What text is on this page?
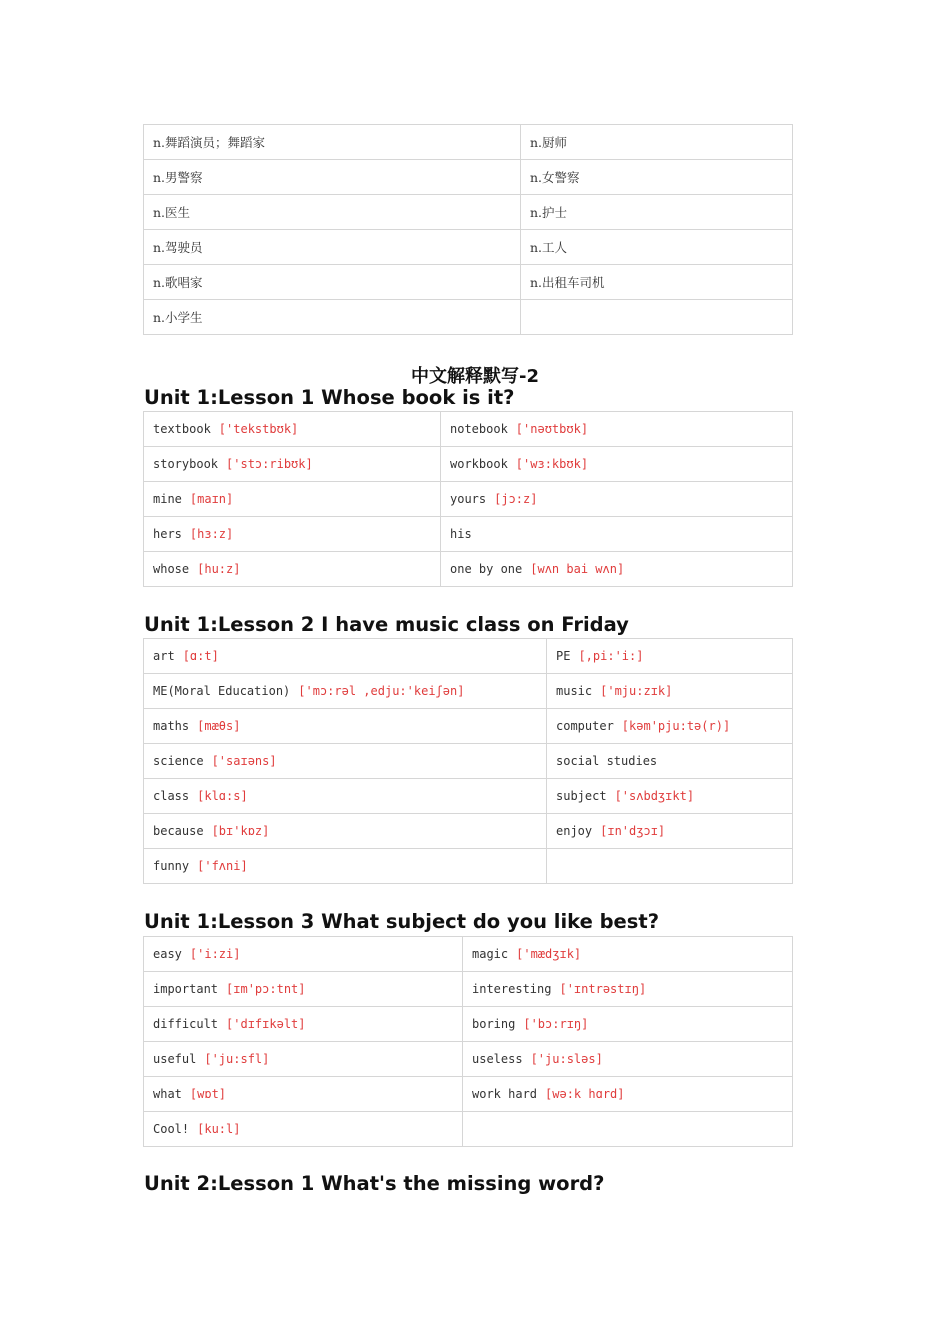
n.舞蹈演员；舞蹈家	n.厨师
n.男警察	n.女警察
n.医生	n.护士
n.驾驶员	n.工人
n.歌唱家	n.出租车司机
n.小学生	
中文解释默写-2
Unit 1:Lesson 1 Whose book is it?
textbook ['tekstbʊk]	notebook ['nəʊtbʊk]
storybook ['stɔ:ribʊk]	workbook ['wɜ:kbʊk]
mine [maɪn]	yours [jɔ:z]
hers [hɜ:z]	his
whose [hu:z]	one by one [wʌn bai wʌn]
Unit 1:Lesson 2 I have music class on Friday
art [ɑ:t]	PE [,pi:'i:]
ME(Moral Education) ['mɔ:rəl ,edju:'keiʃən]	music ['mju:zɪk]
maths [mæθs]	computer [kəm'pju:tə(r)]
science ['saɪəns]	social studies
class [klɑ:s]	subject ['sʌbdʒɪkt]
because [bɪ'kɒz]	enjoy [ɪn'dʒɔɪ]
funny ['fʌni]	
Unit 1:Lesson 3 What subject do you like best?
easy ['i:zi]	magic ['mædʒɪk]
important [ɪm'pɔ:tnt]	interesting ['ɪntrəstɪŋ]
difficult ['dɪfɪkəlt]	boring ['bɔ:rɪŋ]
useful ['ju:sfl]	useless ['ju:sləs]
what [wɒt]	work hard [wə:k hɑrd]
Cool! [ku:l]	
Unit 2:Lesson 1 What's the missing word?
